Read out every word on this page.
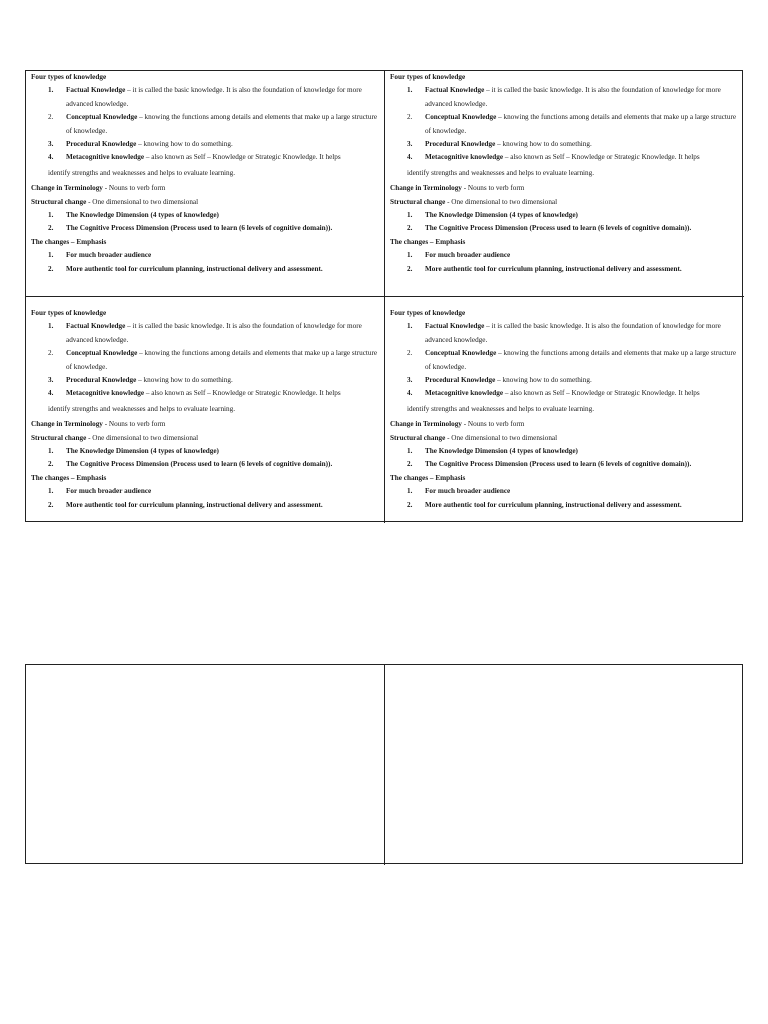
Four types of knowledge
1. Factual Knowledge – it is called the basic knowledge. It is also the foundation of knowledge for more advanced knowledge.
2. Conceptual Knowledge – knowing the functions among details and elements that make up a large structure of knowledge.
3. Procedural Knowledge – knowing how to do something.
4. Metacognitive knowledge – also known as Self – Knowledge or Strategic Knowledge. It helps
identify strengths and weaknesses and helps to evaluate learning.
Change in Terminology - Nouns to verb form
Structural change - One dimensional to two dimensional
1. The Knowledge Dimension (4 types of knowledge)
2. The Cognitive Process Dimension (Process used to learn (6 levels of cognitive domain)).
The changes – Emphasis
1. For much broader audience
2. More authentic tool for curriculum planning, instructional delivery and assessment.
Four types of knowledge
1. Factual Knowledge – it is called the basic knowledge. It is also the foundation of knowledge for more advanced knowledge.
2. Conceptual Knowledge – knowing the functions among details and elements that make up a large structure of knowledge.
3. Procedural Knowledge – knowing how to do something.
4. Metacognitive knowledge – also known as Self – Knowledge or Strategic Knowledge. It helps
identify strengths and weaknesses and helps to evaluate learning.
Change in Terminology - Nouns to verb form
Structural change - One dimensional to two dimensional
1. The Knowledge Dimension (4 types of knowledge)
2. The Cognitive Process Dimension (Process used to learn (6 levels of cognitive domain)).
The changes – Emphasis
1. For much broader audience
2. More authentic tool for curriculum planning, instructional delivery and assessment.
Four types of knowledge
1. Factual Knowledge – it is called the basic knowledge. It is also the foundation of knowledge for more advanced knowledge.
2. Conceptual Knowledge – knowing the functions among details and elements that make up a large structure of knowledge.
3. Procedural Knowledge – knowing how to do something.
4. Metacognitive knowledge – also known as Self – Knowledge or Strategic Knowledge. It helps
identify strengths and weaknesses and helps to evaluate learning.
Change in Terminology - Nouns to verb form
Structural change - One dimensional to two dimensional
1. The Knowledge Dimension (4 types of knowledge)
2. The Cognitive Process Dimension (Process used to learn (6 levels of cognitive domain)).
The changes – Emphasis
1. For much broader audience
2. More authentic tool for curriculum planning, instructional delivery and assessment.
Four types of knowledge
1. Factual Knowledge – it is called the basic knowledge. It is also the foundation of knowledge for more advanced knowledge.
2. Conceptual Knowledge – knowing the functions among details and elements that make up a large structure of knowledge.
3. Procedural Knowledge – knowing how to do something.
4. Metacognitive knowledge – also known as Self – Knowledge or Strategic Knowledge. It helps
identify strengths and weaknesses and helps to evaluate learning.
Change in Terminology - Nouns to verb form
Structural change - One dimensional to two dimensional
1. The Knowledge Dimension (4 types of knowledge)
2. The Cognitive Process Dimension (Process used to learn (6 levels of cognitive domain)).
The changes – Emphasis
1. For much broader audience
2. More authentic tool for curriculum planning, instructional delivery and assessment.
